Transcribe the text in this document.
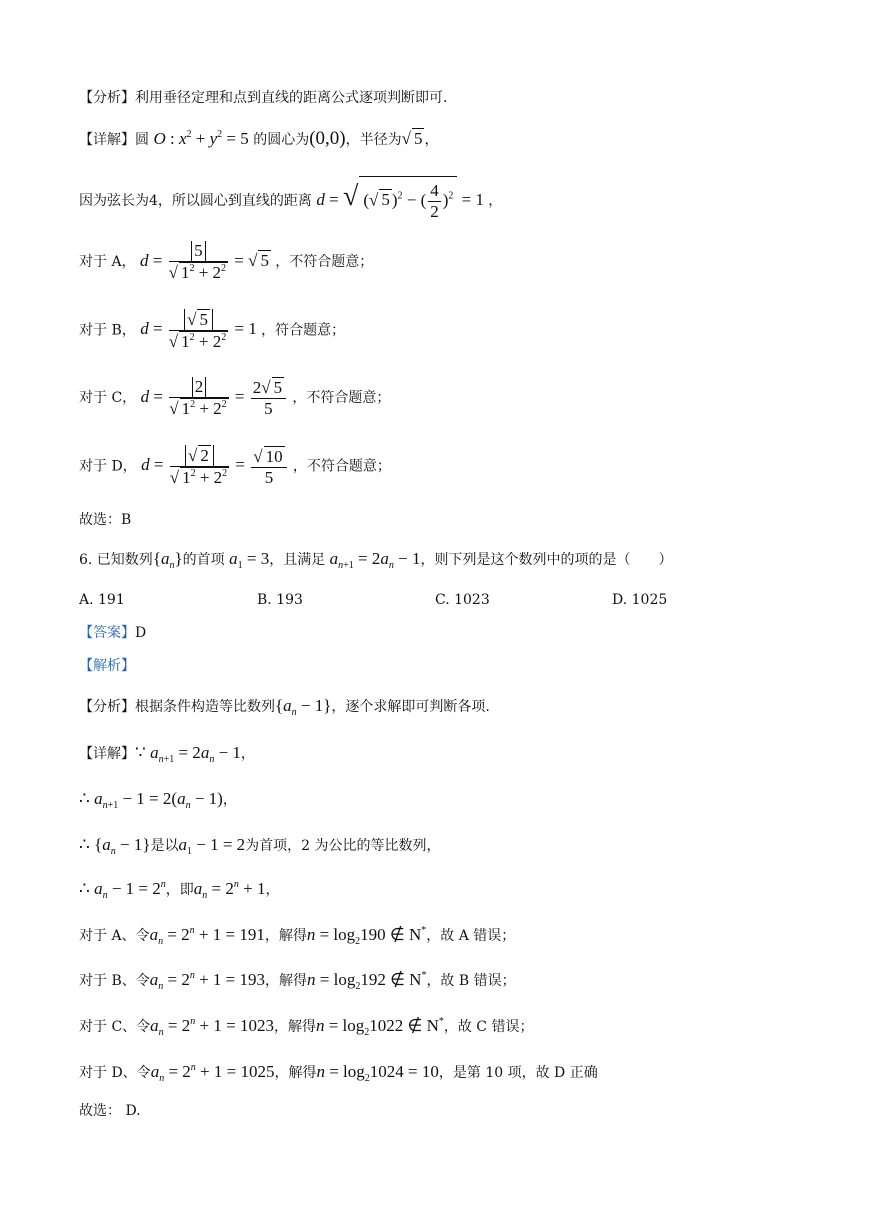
【分析】利用垂径定理和点到直线的距离公式逐项判断即可.
【详解】圆 O : $x^2 + y^2 = 5$ 的圆心为(0,0)，半径为√ 5 ，
因为弦长为4，所以圆心到直线的距离 d = √ (√ 5 )$^2$ − ( $\frac{4}{2} )^2 = 1$ ，
对于 A， $d = \frac{5}{√ 1^2 + 2^2}$ = √ 5 ，不符合题意；
对于 B， $d = \frac{√ 5}{√ 1^2 + 2^2} = 1$ ，符合题意；
对于 C， $d = \frac{2}{√ 1^2 + 2^2} = \frac{2√ 5}{5}$ ，不符合题意；
对于 D， $d = \frac{√ 2}{√ 1^2 + 2^2} = \frac{√ 10}{5}$ ，不符合题意；
故选：B
6. 已知数列$\{a_n\}$的首项 $a_1 = 3$，且满足 $a_{n+1} = 2a_n - 1$，则下列是这个数列中的项的是（　　）
A. 191	B. 193	C. 1023	D. 1025
【答案】D
【解析】
【分析】根据条件构造等比数列$\{a_n - 1\}$，逐个求解即可判断各项.
【详解】∵ $a_{n+1} = 2a_n - 1$，
∴ $a_{n+1} - 1 = 2(a_n - 1)$，
∴ $\{a_n - 1\}$是以$a_1 - 1 = 2$为首项，2 为公比的等比数列，
∴ $a_n - 1 = 2^n$，即$a_n = 2^n + 1$，
对于 A、令$a_n = 2^n + 1 = 191$，解得$n = \log_2190$ ∉ N*，故 A 错误；
对于 B、令$a_n = 2^n + 1 = 193$，解得$n = \log_2192$ ∉ N*，故 B 错误；
对于 C、令$a_n = 2^n + 1 = 1023$，解得$n = \log_21022$ ∉ N*，故 C 错误；
对于 D、令$a_n = 2^n + 1 = 1025$，解得$n = \log_21024 = 10$，是第 10 项，故 D 正确
故选： D.
